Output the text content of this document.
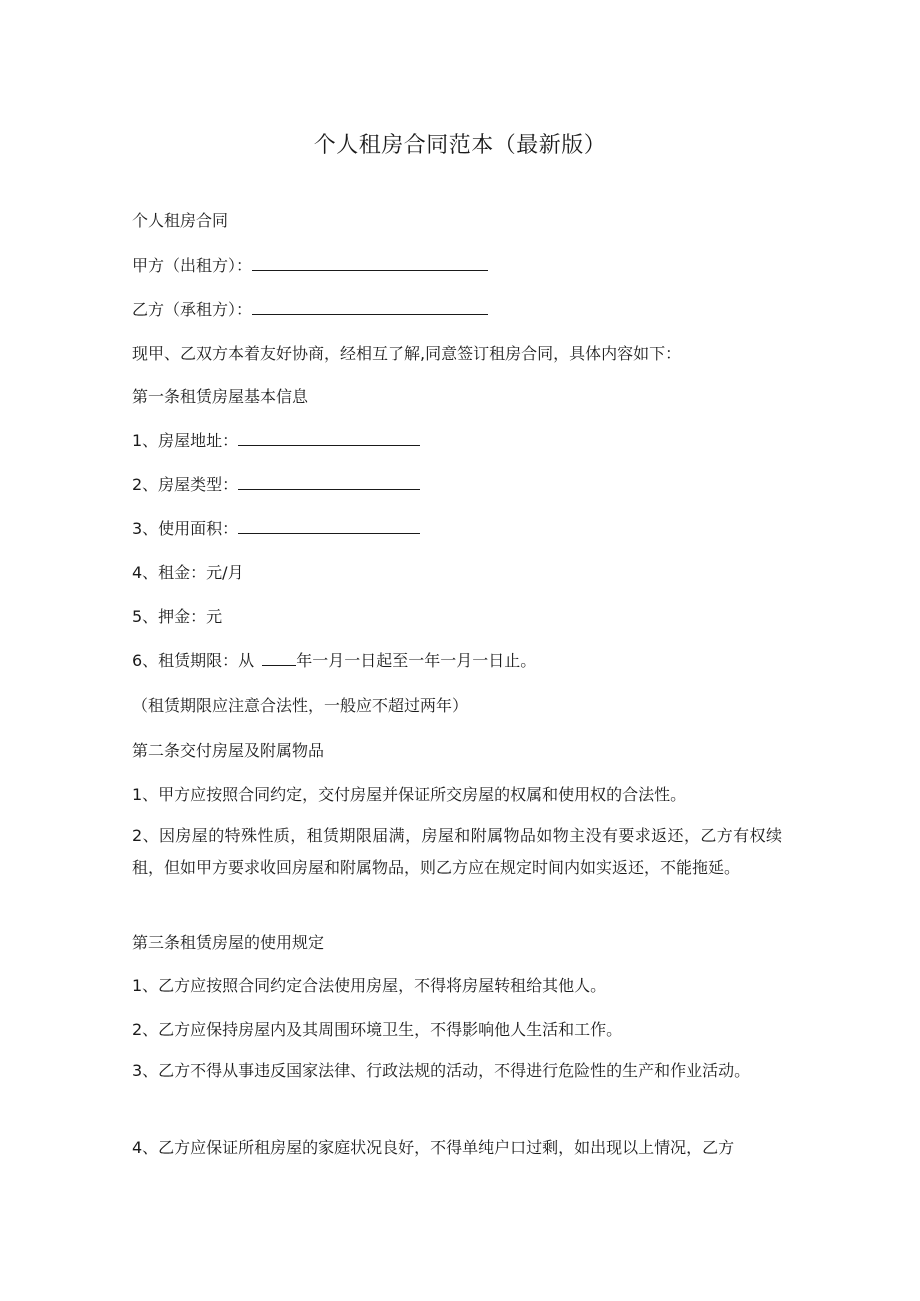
个人租房合同范本（最新版）
个人租房合同
甲方（出租方）：
乙方（承租方）：
现甲、乙双方本着友好协商，经相互了解,同意签订租房合同，具体内容如下：
第一条租赁房屋基本信息
1、房屋地址：
2、房屋类型：
3、使用面积：
4、租金：元/月
5、押金：元
6、租赁期限：从	年一月一日起至一年一月一日止。
（租赁期限应注意合法性，一般应不超过两年）
第二条交付房屋及附属物品
1、甲方应按照合同约定，交付房屋并保证所交房屋的权属和使用权的合法性。
2、因房屋的特殊性质，租赁期限届满，房屋和附属物品如物主没有要求返还，乙方有权续租，但如甲方要求收回房屋和附属物品，则乙方应在规定时间内如实返还，不能拖延。
第三条租赁房屋的使用规定
1、乙方应按照合同约定合法使用房屋，不得将房屋转租给其他人。
2、乙方应保持房屋内及其周围环境卫生，不得影响他人生活和工作。
3、乙方不得从事违反国家法律、行政法规的活动，不得进行危险性的生产和作业活动。
4、乙方应保证所租房屋的家庭状况良好，不得单纯户口过剩，如出现以上情况，乙方
